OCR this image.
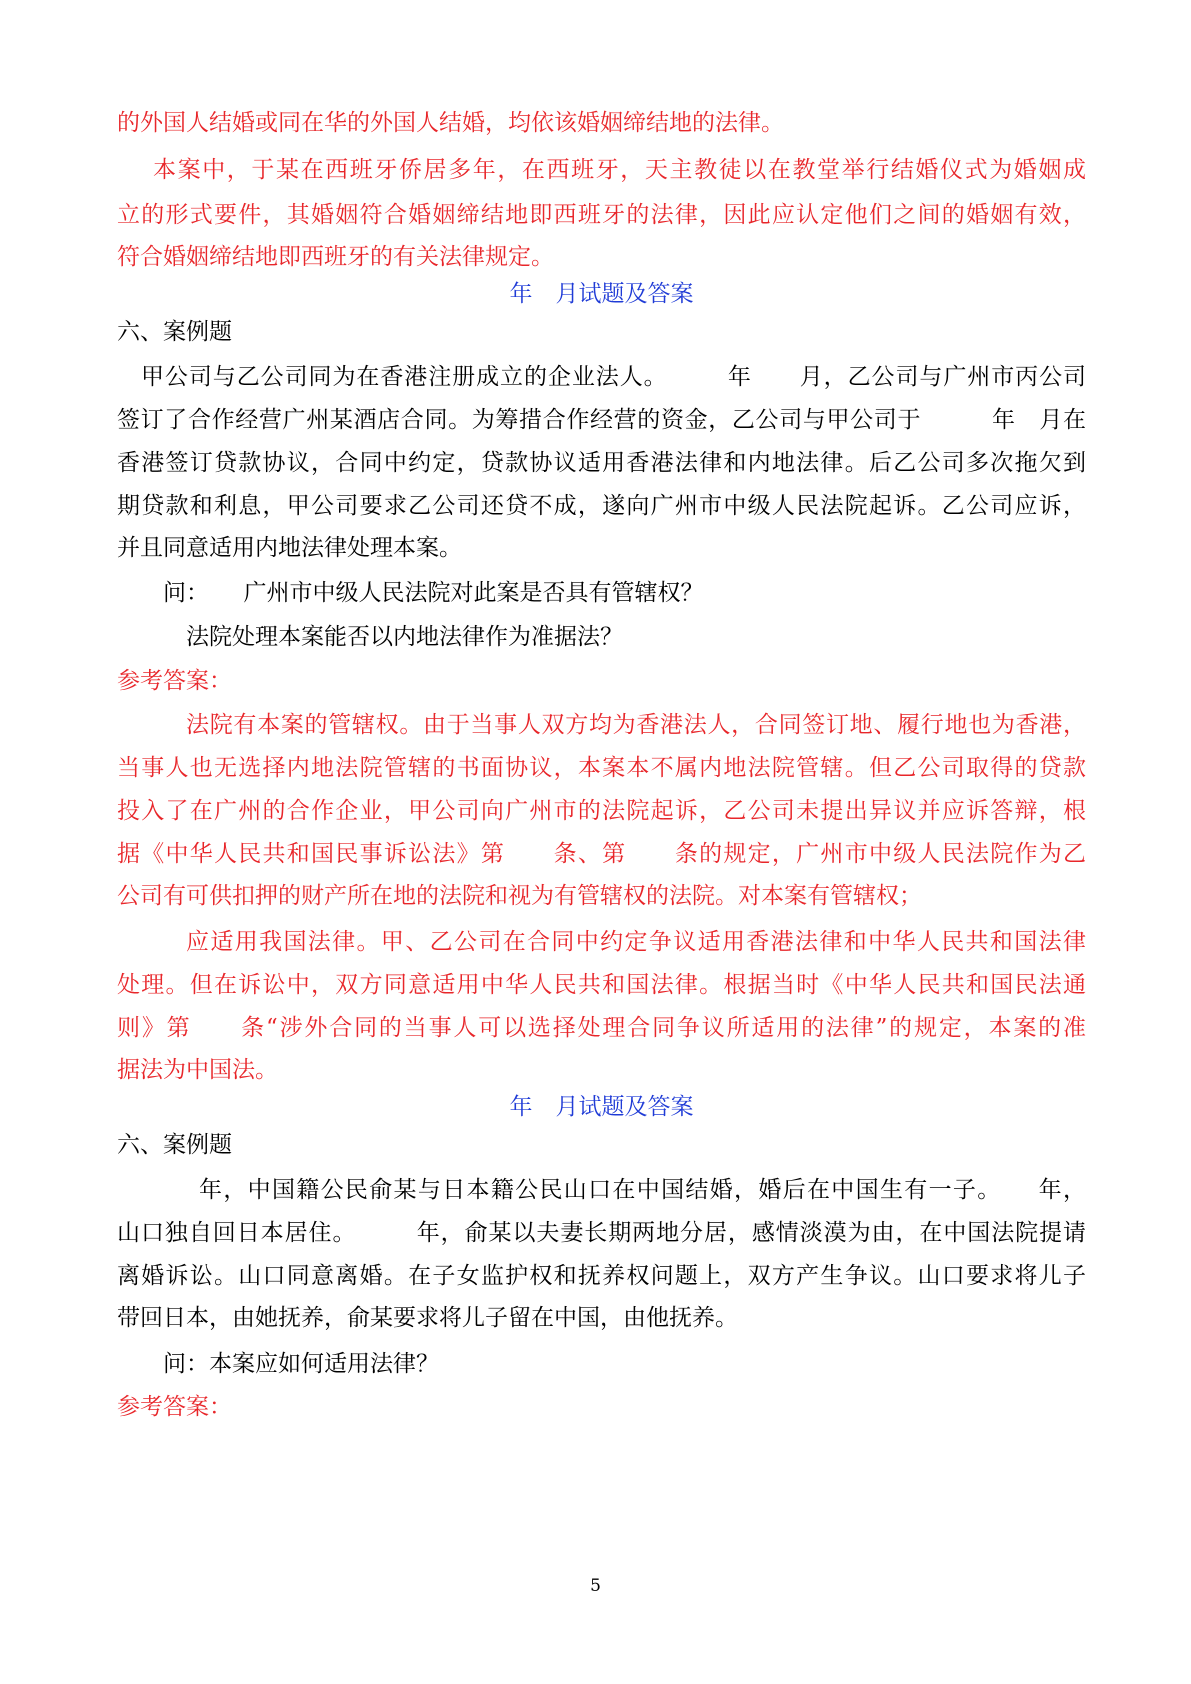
的外国人结婚或同在华的外国人结婚，均依该婚姻缔结地的法律。
本案中，于某在西班牙侨居多年，在西班牙，天主教徒以在教堂举行结婚仪式为婚姻成
立的形式要件，其婚姻符合婚姻缔结地即西班牙的法律，因此应认定他们之间的婚姻有效，
符合婚姻缔结地即西班牙的有关法律规定。
年　月试题及答案
六、案例题
甲公司与乙公司同为在香港注册成立的企业法人。　　　年　　月，乙公司与广州市丙公司
签订了合作经营广州某酒店合同。为筹措合作经营的资金，乙公司与甲公司于　　　年　月在
香港签订贷款协议，合同中约定，贷款协议适用香港法律和内地法律。后乙公司多次拖欠到
期贷款和利息，甲公司要求乙公司还贷不成，遂向广州市中级人民法院起诉。乙公司应诉，
并且同意适用内地法律处理本案。
问：　　广州市中级人民法院对此案是否具有管辖权？
法院处理本案能否以内地法律作为准据法？
参考答案：
法院有本案的管辖权。由于当事人双方均为香港法人，合同签订地、履行地也为香港，
当事人也无选择内地法院管辖的书面协议，本案本不属内地法院管辖。但乙公司取得的贷款
投入了在广州的合作企业，甲公司向广州市的法院起诉，乙公司未提出异议并应诉答辩，根
据《中华人民共和国民事诉讼法》第　　条、第　　条的规定，广州市中级人民法院作为乙
公司有可供扣押的财产所在地的法院和视为有管辖权的法院。对本案有管辖权；
应适用我国法律。甲、乙公司在合同中约定争议适用香港法律和中华人民共和国法律
处理。但在诉讼中，双方同意适用中华人民共和国法律。根据当时《中华人民共和国民法通
则》第　　条“涉外合同的当事人可以选择处理合同争议所适用的法律”的规定，本案的准
据法为中国法。
年　月试题及答案
六、案例题
年，中国籍公民俞某与日本籍公民山口在中国结婚，婚后在中国生有一子。　　年，
山口独自回日本居住。　　　年，俞某以夫妻长期两地分居，感情淡漠为由，在中国法院提请
离婚诉讼。山口同意离婚。在子女监护权和抚养权问题上，双方产生争议。山口要求将儿子
带回日本，由她抚养，俞某要求将儿子留在中国，由他抚养。
问：本案应如何适用法律？
参考答案：
5
